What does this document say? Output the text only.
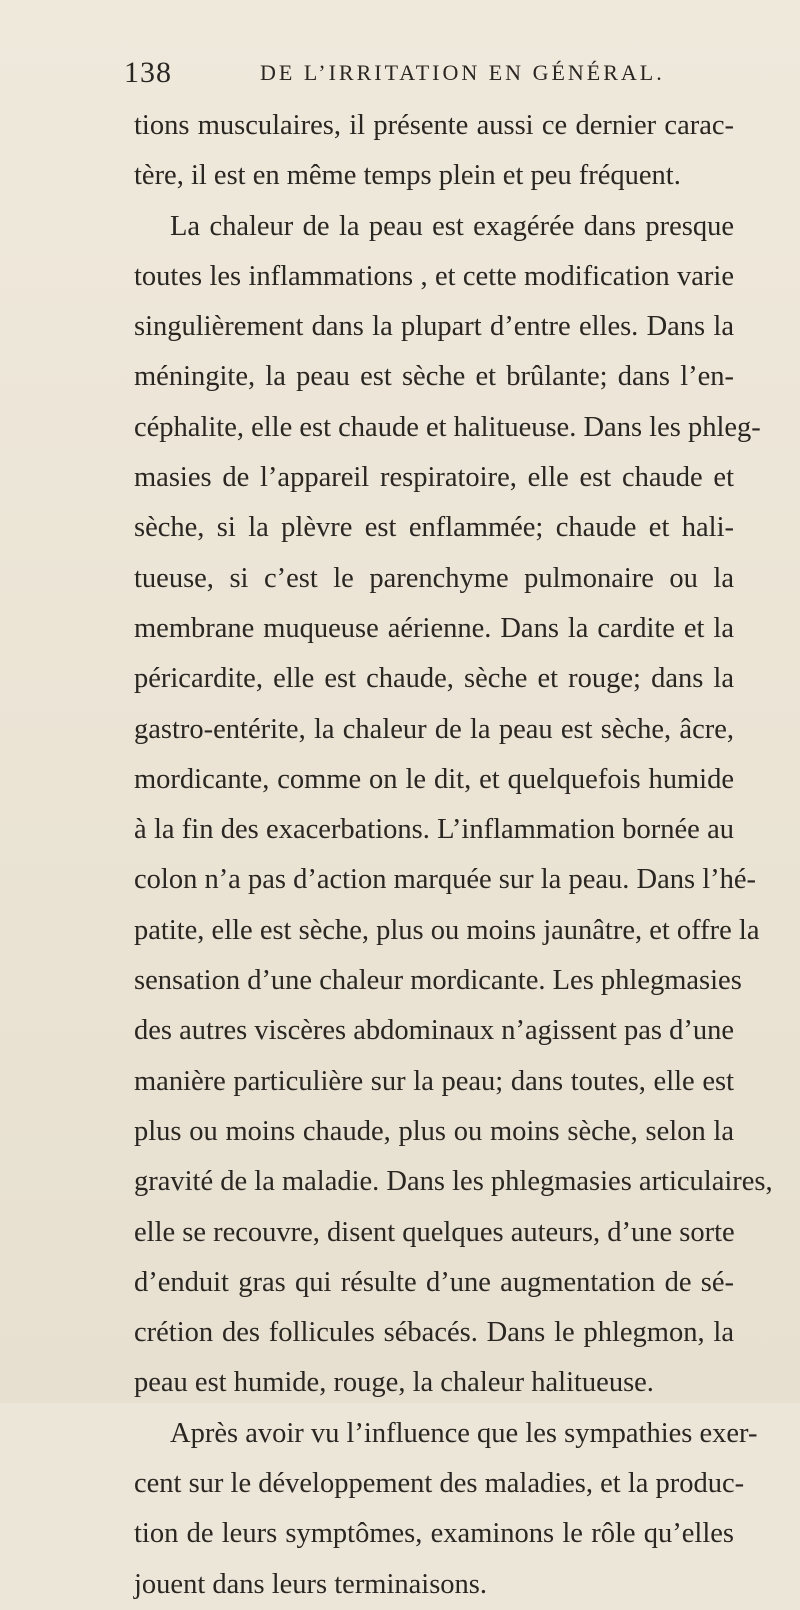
138	DE L’IRRITATION EN GÉNÉRAL.
tions musculaires, il présente aussi ce dernier carac-
tère, il est en même temps plein et peu fréquent.
La chaleur de la peau est exagérée dans presque
toutes les inflammations , et cette modification varie
singulièrement dans la plupart d’entre elles. Dans la
méningite, la peau est sèche et brûlante; dans l’en-
céphalite, elle est chaude et halitueuse. Dans les phleg-
masies de l’appareil respiratoire, elle est chaude et
sèche, si la plèvre est enflammée; chaude et hali-
tueuse, si c’est le parenchyme pulmonaire ou la
membrane muqueuse aérienne. Dans la cardite et la
péricardite, elle est chaude, sèche et rouge; dans la
gastro-entérite, la chaleur de la peau est sèche, âcre,
mordicante, comme on le dit, et quelquefois humide
à la fin des exacerbations. L’inflammation bornée au
colon n’a pas d’action marquée sur la peau. Dans l’hé-
patite, elle est sèche, plus ou moins jaunâtre, et offre la
sensation d’une chaleur mordicante. Les phlegmasies
des autres viscères abdominaux n’agissent pas d’une
manière particulière sur la peau; dans toutes, elle est
plus ou moins chaude, plus ou moins sèche, selon la
gravité de la maladie. Dans les phlegmasies articulaires,
elle se recouvre, disent quelques auteurs, d’une sorte
d’enduit gras qui résulte d’une augmentation de sé-
crétion des follicules sébacés. Dans le phlegmon, la
peau est humide, rouge, la chaleur halitueuse.
Après avoir vu l’influence que les sympathies exer-
cent sur le développement des maladies, et la produc-
tion de leurs symptômes, examinons le rôle qu’elles
jouent dans leurs terminaisons.
